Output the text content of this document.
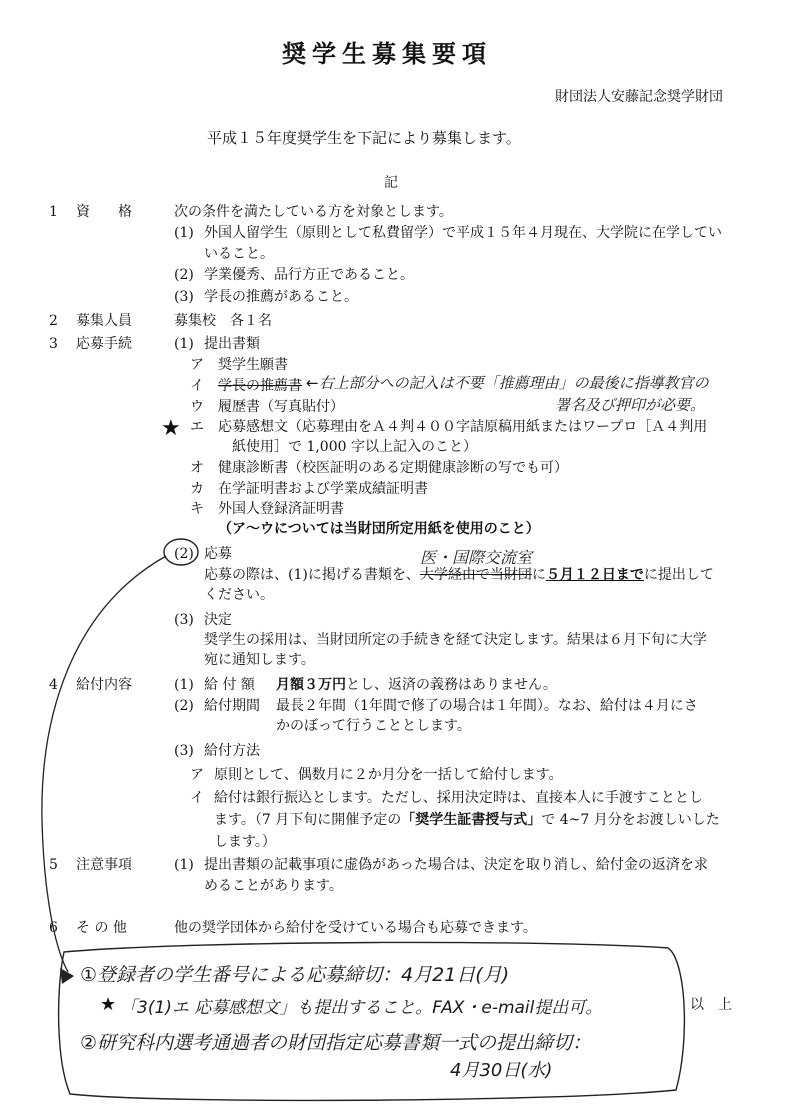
奨学生募集要項
財団法人安藤記念奨学財団
平成１５年度奨学生を下記により募集します。
記
1 資　　格	次の条件を満たしている方を対象とします。
(1) 外国人留学生（原則として私費留学）で平成１５年４月現在、大学院に在学してい
いること。
(2) 学業優秀、品行方正であること。
(3) 学長の推薦があること。
2 募集人員	募集校　各１名
3 応募手続	(1) 提出書類
ア 奨学生願書
イ 学長の推薦書 ←右上部分への記入は不要「推薦理由」の最後に指導教官の
署名及び押印が必要。
ウ 履歴書（写真貼付）
★ エ 応募感想文（応募理由をＡ４判４００字詰原稿用紙またはワープロ［Ａ４判用
紙使用］で 1,000 字以上記入のこと）
オ 健康診断書（校医証明のある定期健康診断の写でも可）
カ 在学証明書および学業成績証明書
キ 外国人登録済証明書
（ア～ウについては当財団所定用紙を使用のこと）
(2) 応募	医・国際交流室
応募の際は、(1)に掲げる書類を、大学経由で当財団に５月１２日までに提出して
ください。
(3) 決定
奨学生の採用は、当財団所定の手続きを経て決定します。結果は６月下旬に大学
宛に通知します。
4 給付内容	(1) 給 付 額 月額３万円とし、返済の義務はありません。
(2) 給付期間 最長２年間（1年間で修了の場合は１年間）。なお、給付は４月にさ
かのぼって行うこととします。
(3) 給付方法
ア 原則として、偶数月に２か月分を一括して給付します。
イ 給付は銀行振込とします。ただし、採用決定時は、直接本人に手渡すこととし
ます。（7 月下旬に開催予定の「奨学生証書授与式」で 4~7 月分をお渡しいした
します。）
5 注意事項	(1) 提出書類の記載事項に虚偽があった場合は、決定を取り消し、給付金の返済を求
めることがあります。
6 そ の 他	他の奨学団体から給付を受けている場合も応募できます。
以　上
①登録者の学生番号による応募締切：4月21日(月)
★ 「3(1)エ 応募感想文」も提出すること。FAX・e-mail提出可。
②研究科内選考通過者の財団指定応募書類一式の提出締切：
4月30日(水)
